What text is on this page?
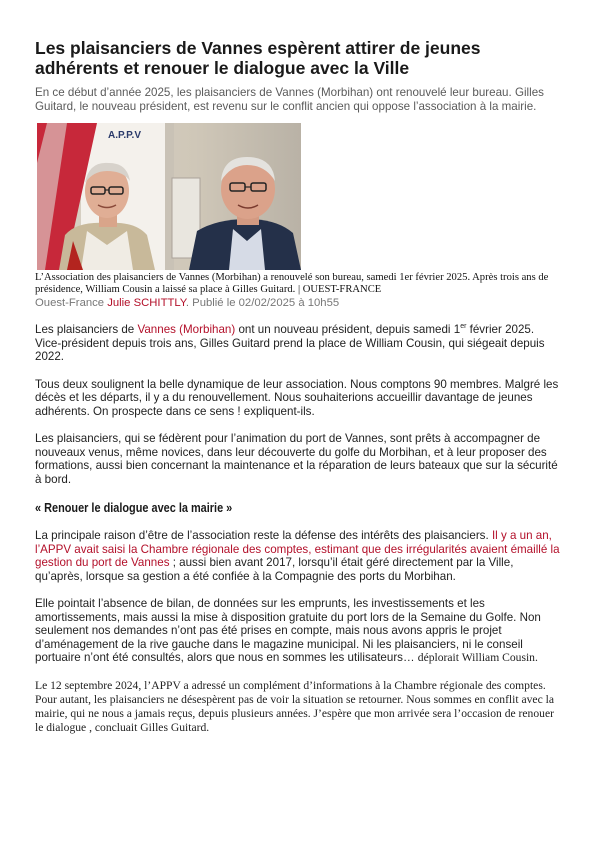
Les plaisanciers de Vannes espèrent attirer de jeunes adhérents et renouer le dialogue avec la Ville

En ce début d’année 2025, les plaisanciers de Vannes (Morbihan) ont renouvelé leur bureau. Gilles Guitard, le nouveau président, est revenu sur le conflit ancien qui oppose l’association à la mairie.

A.P.P.V

L’Association des plaisanciers de Vannes (Morbihan) a renouvelé son bureau, samedi 1er février 2025. Après trois ans de présidence, William Cousin a laissé sa place à Gilles Guitard. | OUEST-FRANCE

Ouest-France Julie SCHITTLY. Publié le 02/02/2025 à 10h55

Les plaisanciers de Vannes (Morbihan) ont un nouveau président, depuis samedi 1er février 2025. Vice-président depuis trois ans, Gilles Guitard prend la place de William Cousin, qui siégeait depuis 2022.

Tous deux soulignent la belle dynamique de leur association. Nous comptons 90 membres. Malgré les décès et les départs, il y a du renouvellement. Nous souhaiterions accueillir davantage de jeunes adhérents. On prospecte dans ce sens ! expliquent-ils.

Les plaisanciers, qui se fédèrent pour l’animation du port de Vannes, sont prêts à accompagner de nouveaux venus, même novices, dans leur découverte du golfe du Morbihan, et à leur proposer des formations, aussi bien concernant la maintenance et la réparation de leurs bateaux que sur la sécurité à bord.

« Renouer le dialogue avec la mairie »

La principale raison d’être de l’association reste la défense des intérêts des plaisanciers. Il y a un an, l’APPV avait saisi la Chambre régionale des comptes, estimant que des irrégularités avaient émaillé la gestion du port de Vannes ; aussi bien avant 2017, lorsqu’il était géré directement par la Ville, qu’après, lorsque sa gestion a été confiée à la Compagnie des ports du Morbihan.

Elle pointait l’absence de bilan, de données sur les emprunts, les investissements et les amortissements, mais aussi la mise à disposition gratuite du port lors de la Semaine du Golfe. Non seulement nos demandes n’ont pas été prises en compte, mais nous avons appris le projet d’aménagement de la rive gauche dans le magazine municipal. Ni les plaisanciers, ni le conseil portuaire n’ont été consultés, alors que nous en sommes les utilisateurs… déplorait William Cousin.

Le 12 septembre 2024, l’APPV a adressé un complément d’informations à la Chambre régionale des comptes. Pour autant, les plaisanciers ne désespèrent pas de voir la situation se retourner. Nous sommes en conflit avec la mairie, qui ne nous a jamais reçus, depuis plusieurs années. J’espère que mon arrivée sera l’occasion de renouer le dialogue , concluait Gilles Guitard.
